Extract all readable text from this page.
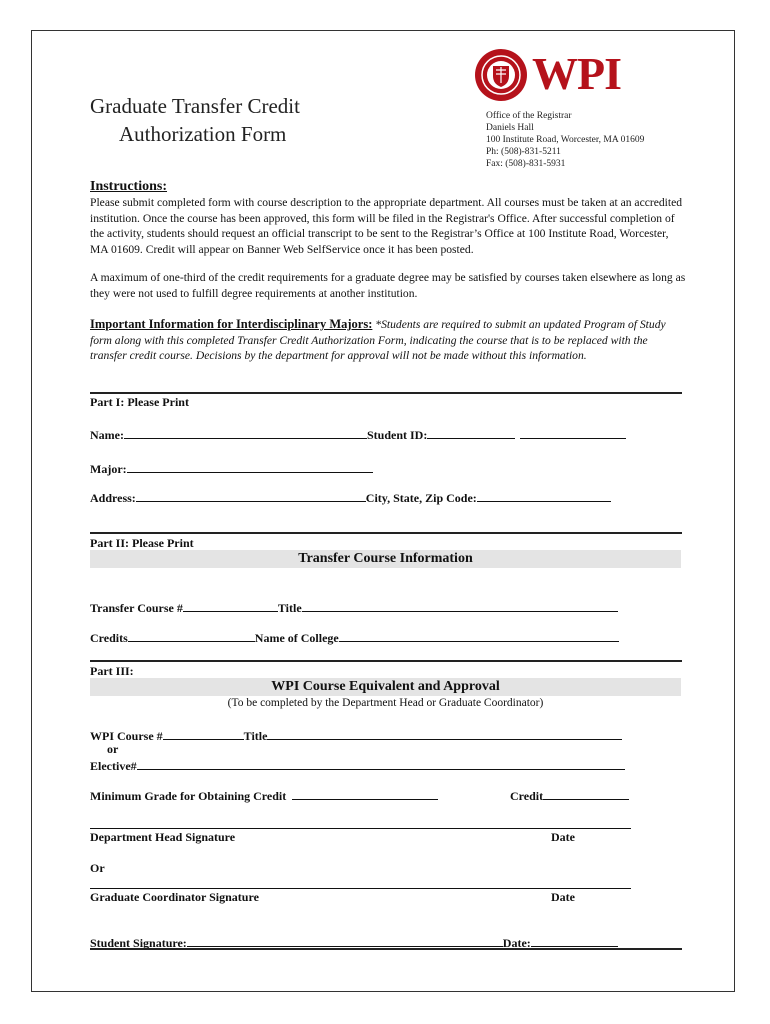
Graduate Transfer Credit
Authorization Form
WPI
Office of the Registrar
Daniels Hall
100 Institute Road, Worcester, MA 01609
Ph: (508)-831-5211
Fax: (508)-831-5931
Instructions:
Please submit completed form with course description to the appropriate department. All courses must be taken at an accredited institution. Once the course has been approved, this form will be filed in the Registrar's Office. After successful completion of the activity, students should request an official transcript to be sent to the Registrar’s Office at 100 Institute Road, Worcester, MA 01609. Credit will appear on Banner Web SelfService once it has been posted.
A maximum of one-third of the credit requirements for a graduate degree may be satisfied by courses taken elsewhere as long as they were not used to fulfill degree requirements at another institution.
Important Information for Interdisciplinary Majors: *Students are required to submit an updated Program of Study form along with this completed Transfer Credit Authorization Form, indicating the course that is to be replaced with the transfer credit course. Decisions by the department for approval will not be made without this information.
Part I: Please Print
Name:	Student ID:
Major:
Address:	City, State, Zip Code:
Part II: Please Print
Transfer Course Information
Transfer Course #	Title
Credits	Name of College
Part III:
WPI Course Equivalent and Approval
(To be completed by the Department Head or Graduate Coordinator)
WPI Course #	Title
or
Elective#
Minimum Grade for Obtaining Credit	Credit
Department Head Signature	Date
Or
Graduate Coordinator Signature	Date
Student Signature:	Date:
